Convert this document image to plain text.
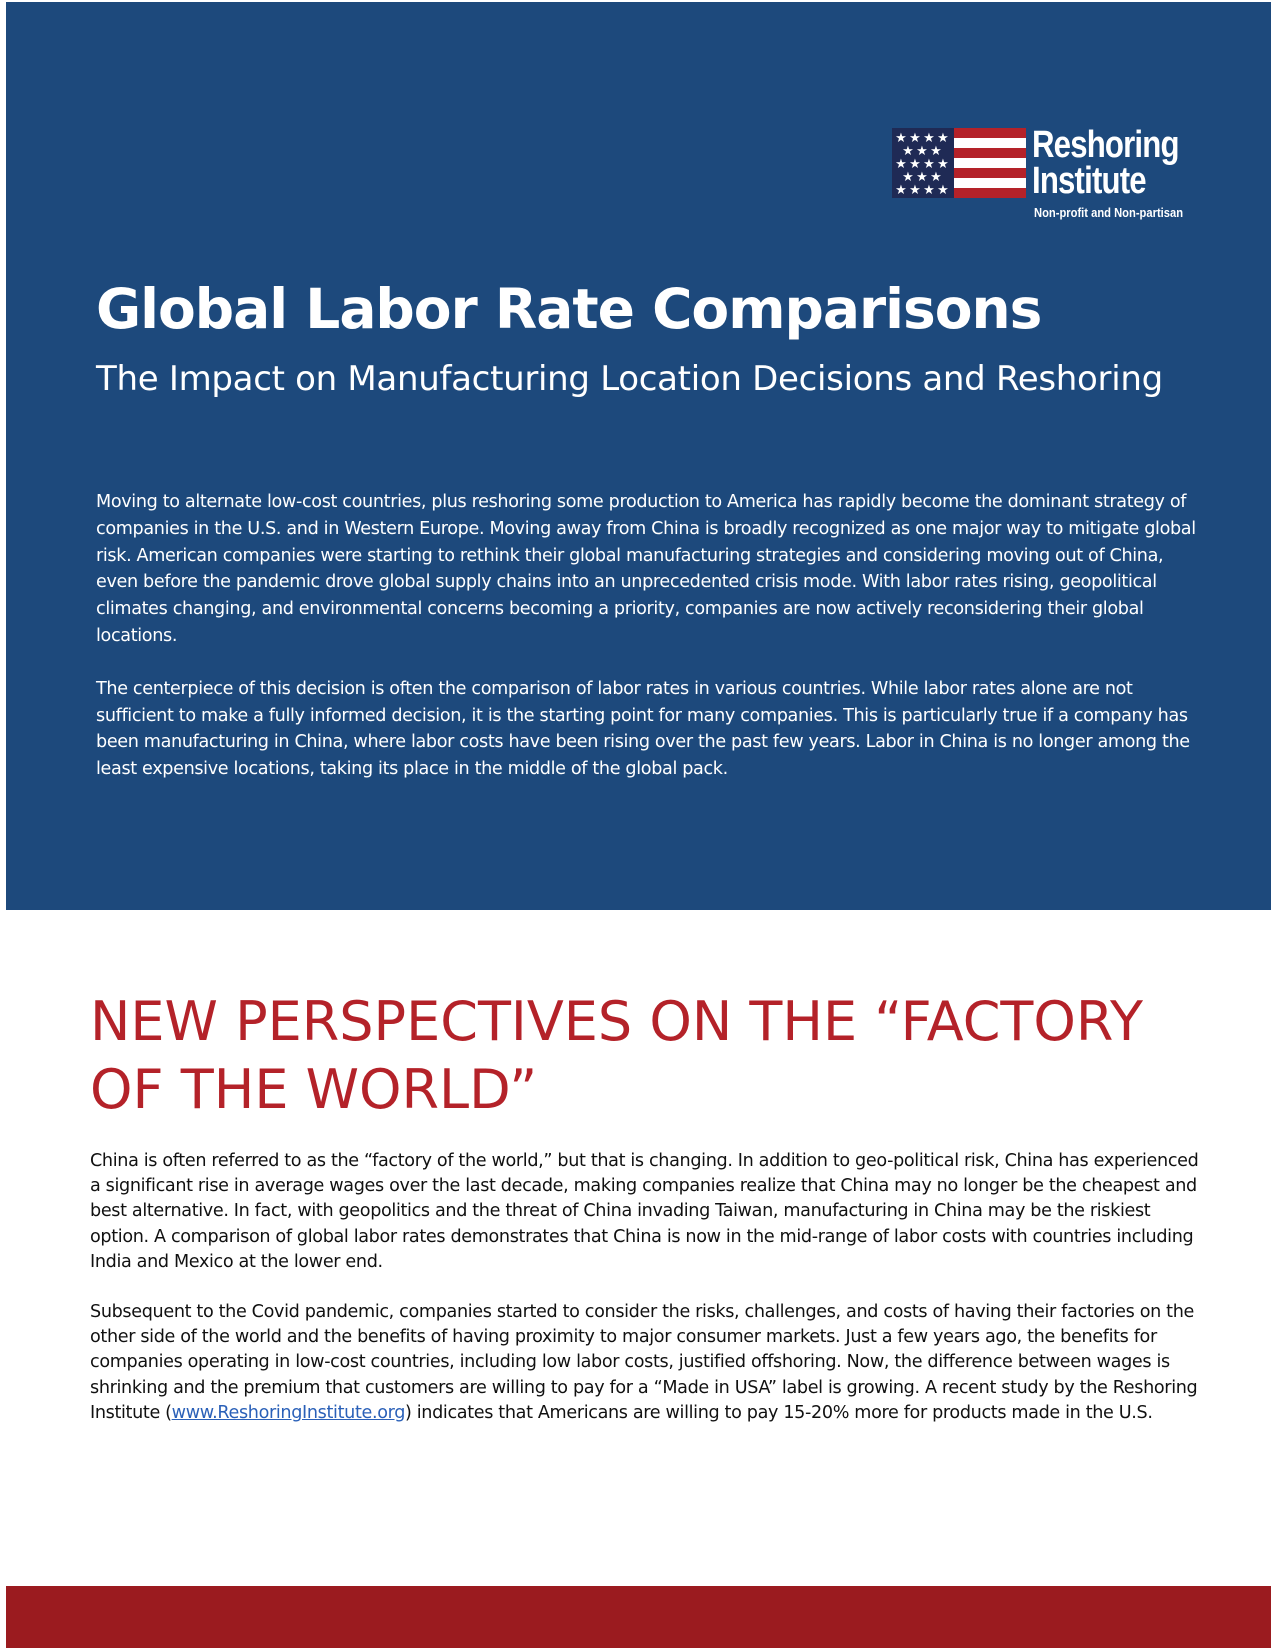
★ ★ ★ ★
★ ★ ★
★ ★ ★ ★
★ ★ ★
★ ★ ★ ★
Reshoring
Institute
Non-profit and Non-partisan
Global Labor Rate Comparisons
The Impact on Manufacturing Location Decisions and Reshoring

Moving to alternate low-cost countries, plus reshoring some production to America has rapidly become the dominant strategy of companies in the U.S. and in Western Europe. Moving away from China is broadly recognized as one major way to mitigate global risk. American companies were starting to rethink their global manufacturing strategies and considering moving out of China, even before the pandemic drove global supply chains into an unprecedented crisis mode. With labor rates rising, geopolitical climates changing, and environmental concerns becoming a priority, companies are now actively reconsidering their global locations.

The centerpiece of this decision is often the comparison of labor rates in various countries. While labor rates alone are not sufficient to make a fully informed decision, it is the starting point for many companies. This is particularly true if a company has been manufacturing in China, where labor costs have been rising over the past few years. Labor in China is no longer among the least expensive locations, taking its place in the middle of the global pack.

NEW PERSPECTIVES ON THE “FACTORY OF THE WORLD”

China is often referred to as the “factory of the world,” but that is changing. In addition to geo-political risk, China has experienced a significant rise in average wages over the last decade, making companies realize that China may no longer be the cheapest and best alternative. In fact, with geopolitics and the threat of China invading Taiwan, manufacturing in China may be the riskiest option. A comparison of global labor rates demonstrates that China is now in the mid-range of labor costs with countries including India and Mexico at the lower end.

Subsequent to the Covid pandemic, companies started to consider the risks, challenges, and costs of having their factories on the other side of the world and the benefits of having proximity to major consumer markets. Just a few years ago, the benefits for companies operating in low-cost countries, including low labor costs, justified offshoring. Now, the difference between wages is shrinking and the premium that customers are willing to pay for a “Made in USA” label is growing. A recent study by the Reshoring Institute (www.ReshoringInstitute.org) indicates that Americans are willing to pay 15-20% more for products made in the U.S.
